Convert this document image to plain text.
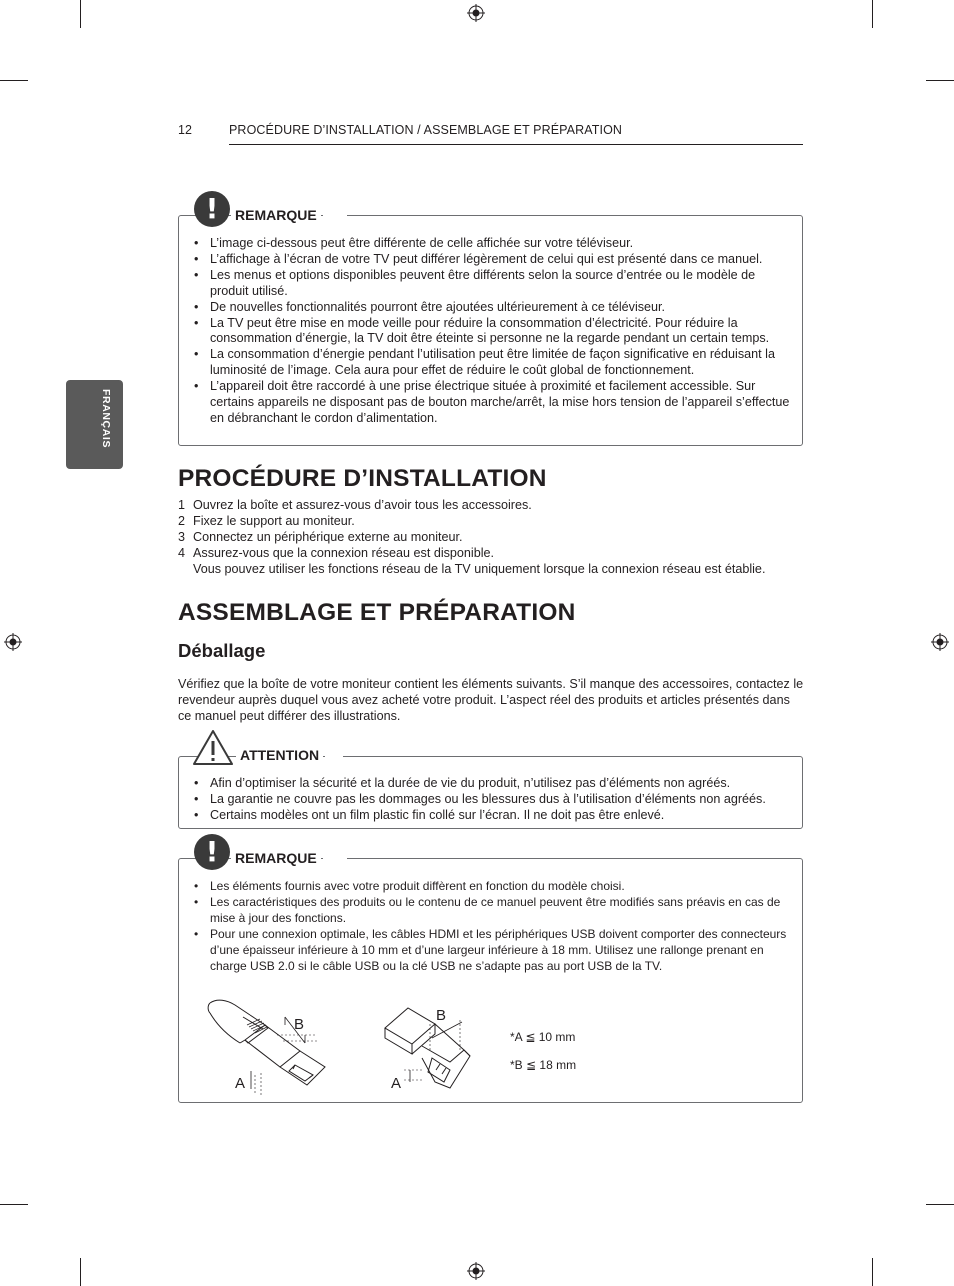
12	PROCÉDURE D’INSTALLATION / ASSEMBLAGE ET PRÉPARATION
FRANÇAIS
!	REMARQUE
• L’image ci-dessous peut être différente de celle affichée sur votre téléviseur.
• L’affichage à l’écran de votre TV peut différer légèrement de celui qui est présenté dans ce manuel.
• Les menus et options disponibles peuvent être différents selon la source d’entrée ou le modèle de produit utilisé.
• De nouvelles fonctionnalités pourront être ajoutées ultérieurement à ce téléviseur.
• La TV peut être mise en mode veille pour réduire la consommation d’électricité. Pour réduire la consommation d’énergie, la TV doit être éteinte si personne ne la regarde pendant un certain temps.
• La consommation d’énergie pendant l’utilisation peut être limitée de façon significative en réduisant la luminosité de l’image. Cela aura pour effet de réduire le coût global de fonctionnement.
• L’appareil doit être raccordé à une prise électrique située à proximité et facilement accessible. Sur certains appareils ne disposant pas de bouton marche/arrêt, la mise hors tension de l’appareil s’effectue en débranchant le cordon d’alimentation.
PROCÉDURE D’INSTALLATION
1 Ouvrez la boîte et assurez-vous d’avoir tous les accessoires.
2 Fixez le support au moniteur.
3 Connectez un périphérique externe au moniteur.
4 Assurez-vous que la connexion réseau est disponible.
Vous pouvez utiliser les fonctions réseau de la TV uniquement lorsque la connexion réseau est établie.
ASSEMBLAGE ET PRÉPARATION
Déballage
Vérifiez que la boîte de votre moniteur contient les éléments suivants. S’il manque des accessoires, contactez le revendeur auprès duquel vous avez acheté votre produit. L’aspect réel des produits et articles présentés dans ce manuel peut différer des illustrations.
ATTENTION
• Afin d’optimiser la sécurité et la durée de vie du produit, n’utilisez pas d’éléments non agréés.
• La garantie ne couvre pas les dommages ou les blessures dus à l’utilisation d’éléments non agréés.
• Certains modèles ont un film plastic fin collé sur l’écran. Il ne doit pas être enlevé.
!	REMARQUE
• Les éléments fournis avec votre produit diffèrent en fonction du modèle choisi.
• Les caractéristiques des produits ou le contenu de ce manuel peuvent être modifiés sans préavis en cas de mise à jour des fonctions.
• Pour une connexion optimale, les câbles HDMI et les périphériques USB doivent comporter des connecteurs d’une épaisseur inférieure à 10 mm et d’une largeur inférieure à 18 mm. Utilisez une rallonge prenant en charge USB 2.0 si le câble USB ou la clé USB ne s’adapte pas au port USB de la TV.
B
A
B
A
*A ≦ 10 mm
*B ≦ 18 mm
